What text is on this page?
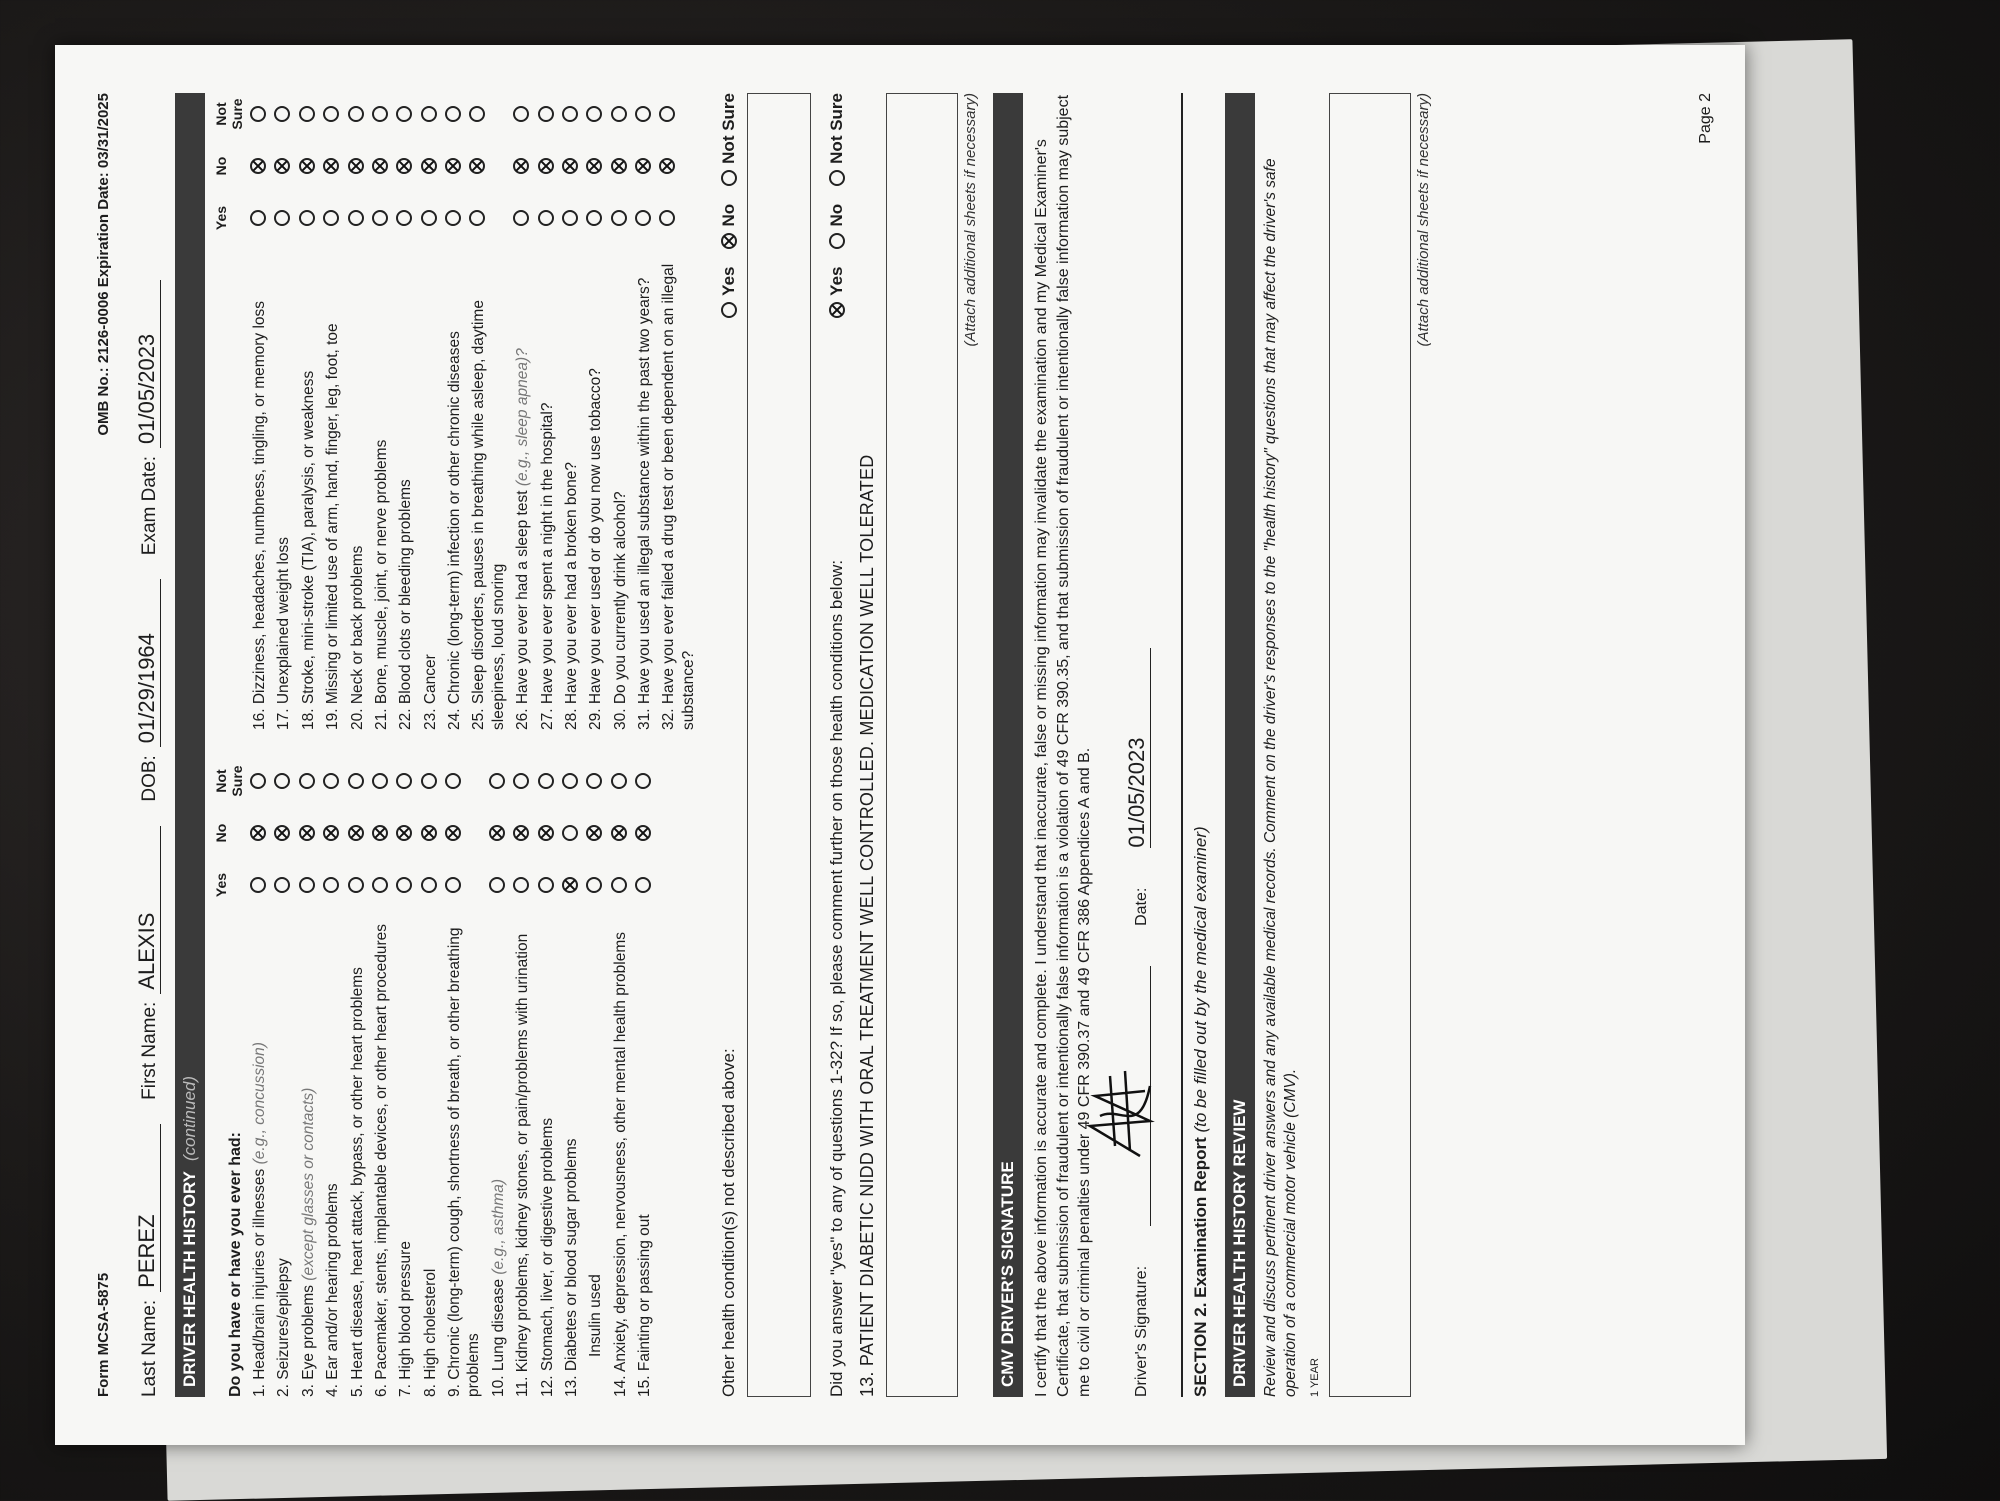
Form MCSA-5875
OMB No.: 2126-0006 Expiration Date: 03/31/2025
Last Name:
PEREZ
First Name:
ALEXIS
DOB:
01/29/1964
Exam Date:
01/05/2023
DRIVER HEALTH HISTORY
(continued)
Do you have or have you ever had:
Yes
No
Not Sure
1. Head/brain injuries or illnesses (e.g., concussion)
2. Seizures/epilepsy 3. Eye problems (except glasses or contacts) 4. Ear and/or hearing problems 5. Heart disease, heart attack, bypass, or other heart problems 6. Pacemaker, stents, implantable devices, or other heart procedures 7. High blood pressure 8. High cholesterol 9. Chronic (long-term) cough, shortness of breath, or other breathing problems 10. Lung disease (e.g., asthma) 11. Kidney problems, kidney stones, or pain/problems with urination 12. Stomach, liver, or digestive problems 13. Diabetes or blood sugar problems Insulin used 14. Anxiety, depression, nervousness, other mental health problems 15. Fainting or passing out
Yes
No
Not Sure
16. Dizziness, headaches, numbness, tingling, or memory loss 17. Unexplained weight loss 18. Stroke, mini-stroke (TIA), paralysis, or weakness 19. Missing or limited use of arm, hand, finger, leg, foot, toe 20. Neck or back problems 21. Bone, muscle, joint, or nerve problems 22. Blood clots or bleeding problems 23. Cancer 24. Chronic (long-term) infection or other chronic diseases 25. Sleep disorders, pauses in breathing while asleep, daytime sleepiness, loud snoring 26. Have you ever had a sleep test (e.g., sleep apnea)? 27. Have you ever spent a night in the hospital? 28. Have you ever had a broken bone? 29. Have you ever used or do you now use tobacco? 30. Do you currently drink alcohol? 31. Have you used an illegal substance within the past two years? 32. Have you ever failed a drug test or been dependent on an illegal substance?
Other health condition(s) not described above:
Yes
No
Not Sure
Did you answer "yes" to any of questions 1-32? If so, please comment further on those health conditions below:
Yes
No
Not Sure
13. PATIENT DIABETIC NIDD WITH ORAL TREATMENT WELL CONTROLLED. MEDICATION WELL TOLERATED
(Attach additional sheets if necessary)
CMV DRIVER'S SIGNATURE I certify that the above information is accurate and complete. I understand that inaccurate, false or missing information may invalidate the examination and my Medical Examiner's Certificate, that submission of fraudulent or intentionally false information is a violation of 49 CFR 390.35, and that submission of fraudulent or intentionally false information may subject me to civil or criminal penalties under 49 CFR 390.37 and 49 CFR 386 Appendices A and B. Driver's Signature:
Date:
01/05/2023
SECTION 2. Examination Report (to be filled out by the medical examiner)
DRIVER HEALTH HISTORY REVIEW Review and discuss pertinent driver answers and any available medical records. Comment on the driver's responses to the "health history" questions that may affect the driver's safe operation of a commercial motor vehicle (CMV). 1 YEAR
(Attach additional sheets if necessary)	Page 2
